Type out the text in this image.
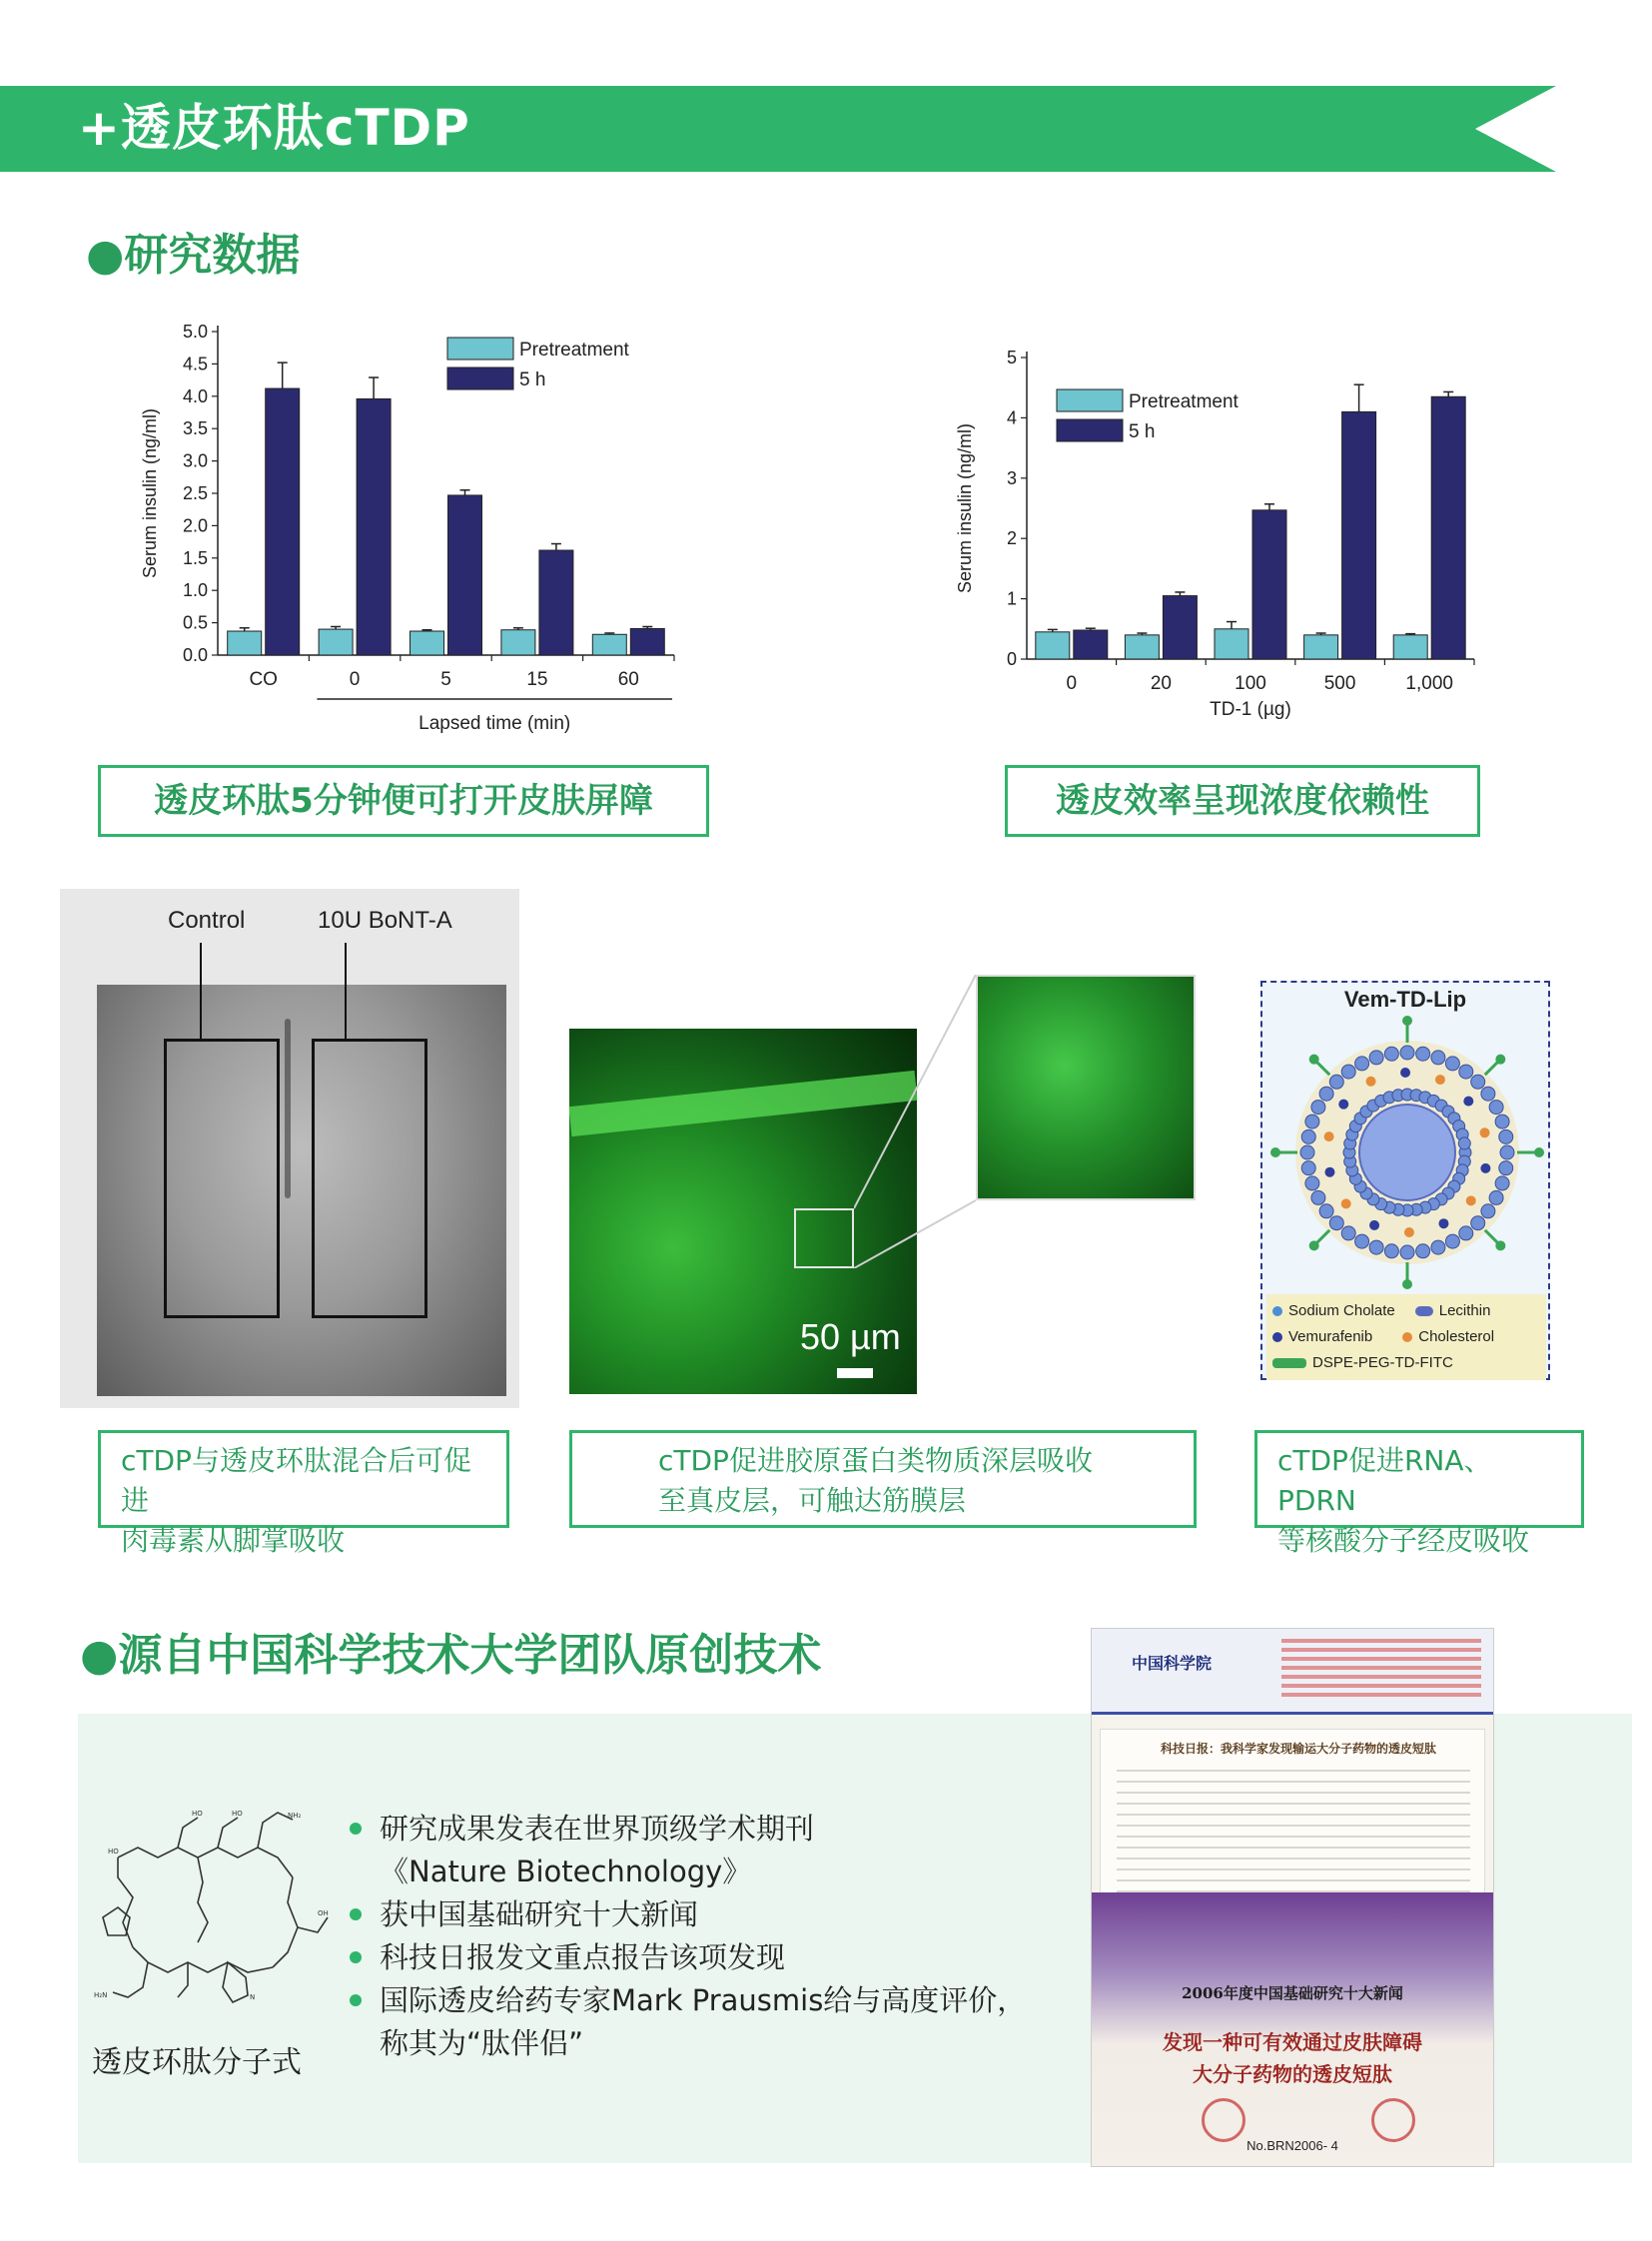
+透皮环肽cTDP
●研究数据
0.0
0.5
1.0
1.5
2.0
2.5
3.0
3.5
4.0
4.5
5.0
Serum insulin (ng/ml)
CO	0	5	15	60
Lapsed time (min)
Pretreatment
5 h
0
1
2
3
4
5
Serum insulin (ng/ml)
0	20	100	500	1,000
TD-1 (µg)
Pretreatment
5 h
透皮环肽5分钟便可打开皮肤屏障	透皮效率呈现浓度依赖性
Control	10U BoNT-A
50 µm
Vem-TD-Lip
Sodium Cholate	Lecithin
Vemurafenib	Cholesterol
DSPE-PEG-TD-FITC
cTDP与透皮环肽混合后可促进
肉毒素从脚掌吸收
cTDP促进胶原蛋白类物质深层吸收
至真皮层，可触达筋膜层
cTDP促进RNA、PDRN
等核酸分子经皮吸收
●源自中国科学技术大学团队原创技术
HO	HO	NH₂
HO
OH
H₂N	N
透皮环肽分子式
研究成果发表在世界顶级学术期刊
《Nature Biotechnology》
获中国基础研究十大新闻
科技日报发文重点报告该项发现
国际透皮给药专家Mark Prausmis给与高度评价，
称其为“肽伴侣”
中国科学院
科技日报：我科学家发现输运大分子药物的透皮短肽
2006年度中国基础研究十大新闻
发现一种可有效通过皮肤障碍
大分子药物的透皮短肽
No.BRN2006- 4
